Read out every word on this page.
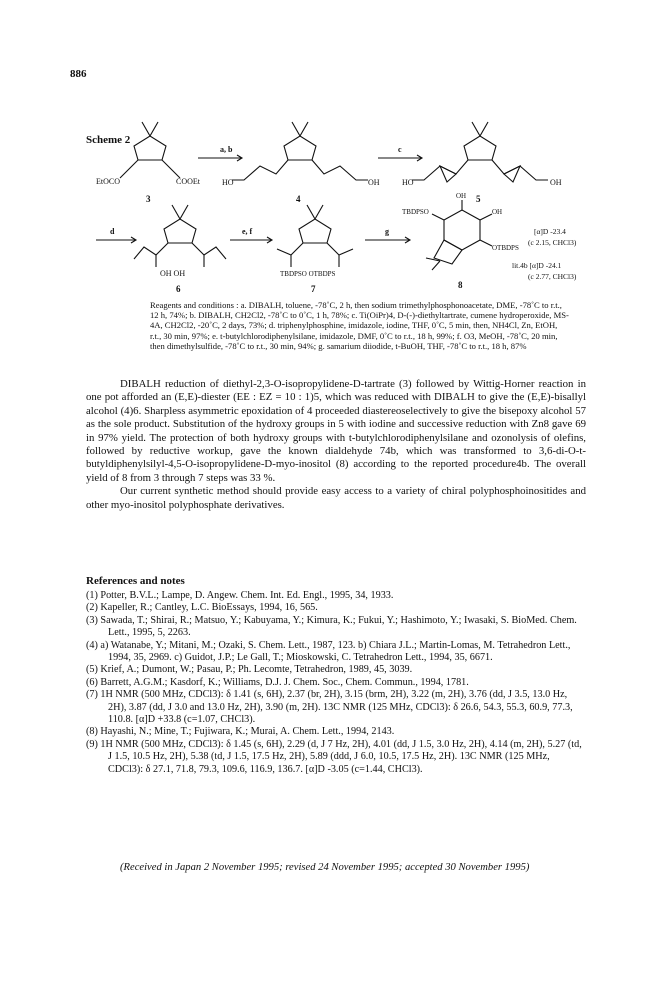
886
Scheme 2
EtOCO	COOEt
3
a, b
HO	OH
4
c
HO	OH
5
d
OH OH
6
e, f
TBDPSO OTBDPS
7
g
OH
TBDPSO	OH
OTBDPS
8
[α]D -23.4
(c 2.15, CHCl3)
lit.4b [α]D -24.1
(c 2.77, CHCl3)
Reagents and conditions : a. DIBALH, toluene, -78˚C, 2 h, then sodium trimethylphosphonoacetate, DME, -78˚C to r.t., 12 h, 74%; b. DIBALH, CH2Cl2, -78˚C to 0˚C, 1 h, 78%; c. Ti(OiPr)4, D-(-)-diethyltartrate, cumene hydroperoxide, MS-4A, CH2Cl2, -20˚C, 2 days, 73%; d. triphenylphosphine, imidazole, iodine, THF, 0˚C, 5 min, then, NH4Cl, Zn, EtOH, r.t., 30 min, 97%; e. t-butylchlorodiphenylsilane, imidazole, DMF, 0˚C to r.t., 18 h, 99%; f. O3, MeOH, -78˚C, 20 min, then dimethylsulfide, -78˚C to r.t., 30 min, 94%; g. samarium diiodide, t-BuOH, THF, -78˚C to r.t., 18 h, 87%

DIBALH reduction of diethyl-2,3-O-isopropylidene-D-tartrate (3) followed by Wittig-Horner reaction in one pot afforded an (E,E)-diester (EE : EZ = 10 : 1)5, which was reduced with DIBALH to give the (E,E)-bisallyl alcohol (4)6. Sharpless asymmetric epoxidation of 4 proceeded diastereoselectively to give the bisepoxy alcohol 57 as the sole product. Substitution of the hydroxy groups in 5 with iodine and successive reduction with Zn8 gave 69 in 97% yield. The protection of both hydroxy groups with t-butylchlorodiphenylsilane and ozonolysis of olefins, followed by reductive workup, gave the known dialdehyde 74b, which was transformed to 3,6-di-O-t-butyldiphenylsilyl-4,5-O-isopropylidene-D-myo-inositol (8) according to the reported procedure4b. The overall yield of 8 from 3 through 7 steps was 33 %.

Our current synthetic method should provide easy access to a variety of chiral polyphosphoinositides and other myo-inositol polyphosphate derivatives.

References and notes

(1) Potter, B.V.L.; Lampe, D. Angew. Chem. Int. Ed. Engl., 1995, 34, 1933.

(2) Kapeller, R.; Cantley, L.C. BioEssays, 1994, 16, 565.

(3) Sawada, T.; Shirai, R.; Matsuo, Y.; Kabuyama, Y.; Kimura, K.; Fukui, Y.; Hashimoto, Y.; Iwasaki, S. BioMed. Chem. Lett., 1995, 5, 2263.

(4) a) Watanabe, Y.; Mitani, M.; Ozaki, S. Chem. Lett., 1987, 123. b) Chiara J.L.; Martin-Lomas, M. Tetrahedron Lett., 1994, 35, 2969. c) Guidot, J.P.; Le Gall, T.; Mioskowski, C. Tetrahedron Lett., 1994, 35, 6671.

(5) Krief, A.; Dumont, W.; Pasau, P.; Ph. Lecomte, Tetrahedron, 1989, 45, 3039.

(6) Barrett, A.G.M.; Kasdorf, K.; Williams, D.J. J. Chem. Soc., Chem. Commun., 1994, 1781.

(7) 1H NMR (500 MHz, CDCl3): δ 1.41 (s, 6H), 2.37 (br, 2H), 3.15 (brm, 2H), 3.22 (m, 2H), 3.76 (dd, J 3.5, 13.0 Hz, 2H), 3.87 (dd, J 3.0 and 13.0 Hz, 2H), 3.90 (m, 2H). 13C NMR (125 MHz, CDCl3): δ 26.6, 54.3, 55.3, 60.9, 77.3, 110.8. [α]D +33.8 (c=1.07, CHCl3).

(8) Hayashi, N.; Mine, T.; Fujiwara, K.; Murai, A. Chem. Lett., 1994, 2143.

(9) 1H NMR (500 MHz, CDCl3): δ 1.45 (s, 6H), 2.29 (d, J 7 Hz, 2H), 4.01 (dd, J 1.5, 3.0 Hz, 2H), 4.14 (m, 2H), 5.27 (td, J 1.5, 10.5 Hz, 2H), 5.38 (td, J 1.5, 17.5 Hz, 2H), 5.89 (ddd, J 6.0, 10.5, 17.5 Hz, 2H). 13C NMR (125 MHz, CDCl3): δ 27.1, 71.8, 79.3, 109.6, 116.9, 136.7. [α]D -3.05 (c=1.44, CHCl3).

(Received in Japan 2 November 1995; revised 24 November 1995; accepted 30 November 1995)
